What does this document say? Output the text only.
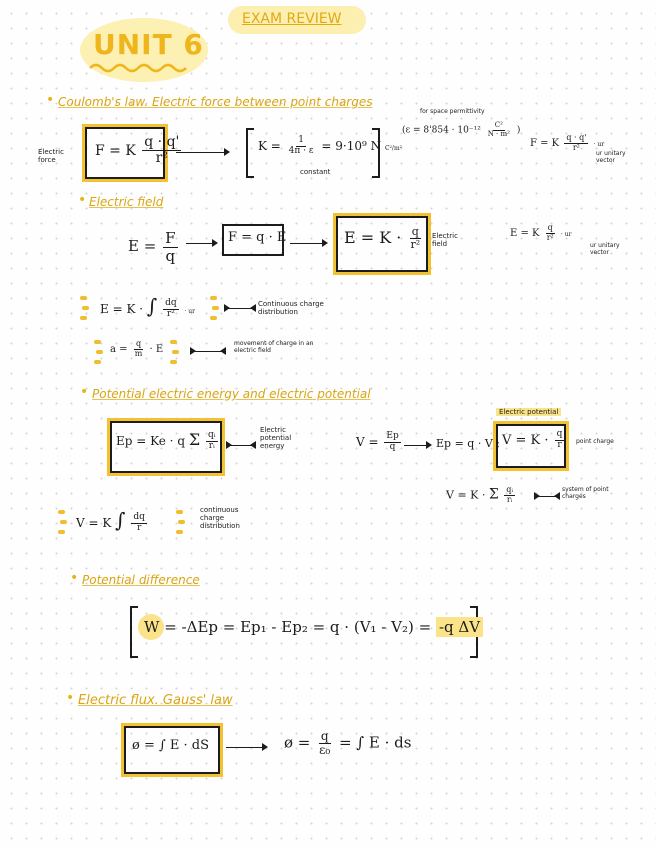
UNIT 6
EXAM REVIEW
• Coulomb's law. Electric force between point charges
Electric force
F = K $\frac{q \cdot q'}{\text{r²}}$	$K = \frac{1}{4\pi \cdot \varepsilon} = 9\cdot 10^9$ N C²/m²
constant
for space permittivity
($\varepsilon = 8'854 \cdot 10^{-12} \frac{\text{C²}}{\text{N · m²}}$ )
F = K $\frac{q \cdot q'}{\text{r²}}$ · ur
ur unitary vector
• Electric field
$E = \frac{F}{q}$	F = q · E	$E = K \cdot \frac{q}{\text{r²}}$ Electric field
E = K $\frac{q}{\text{r²}}$ · ur
ur unitary vector
E = K · ∫ $\frac{dq}{\text{r²}}$ · ur
Continuous charge distribution
$a = \frac{q}{m} \cdot E$
movement of charge in an electric field
• Potential electric energy and electric potential
Ep = Ke · q Σ $\frac{\text{qᵢ}}{\text{rᵢ}}$
Electric potential energy	$V = \frac{Ep}{q}$	Ep = q · V ;
Electric potential
$V = K \cdot \frac{q}{r}$ point charge
V = K · Σ $\frac{\text{qᵢ}}{\text{rᵢ}}$	system of point charges
V = K ∫ $\frac{dq}{r}$
continuous charge distribution
• Potential difference
W = -ΔEp = Ep₁ - Ep₂ = q · (V₁ - V₂) = -q ΔV
• Electric flux. Gauss' law
ø = ∫ E · dS	ø = $\frac{q}{\text{ε₀}}$ = ∫ E · ds
